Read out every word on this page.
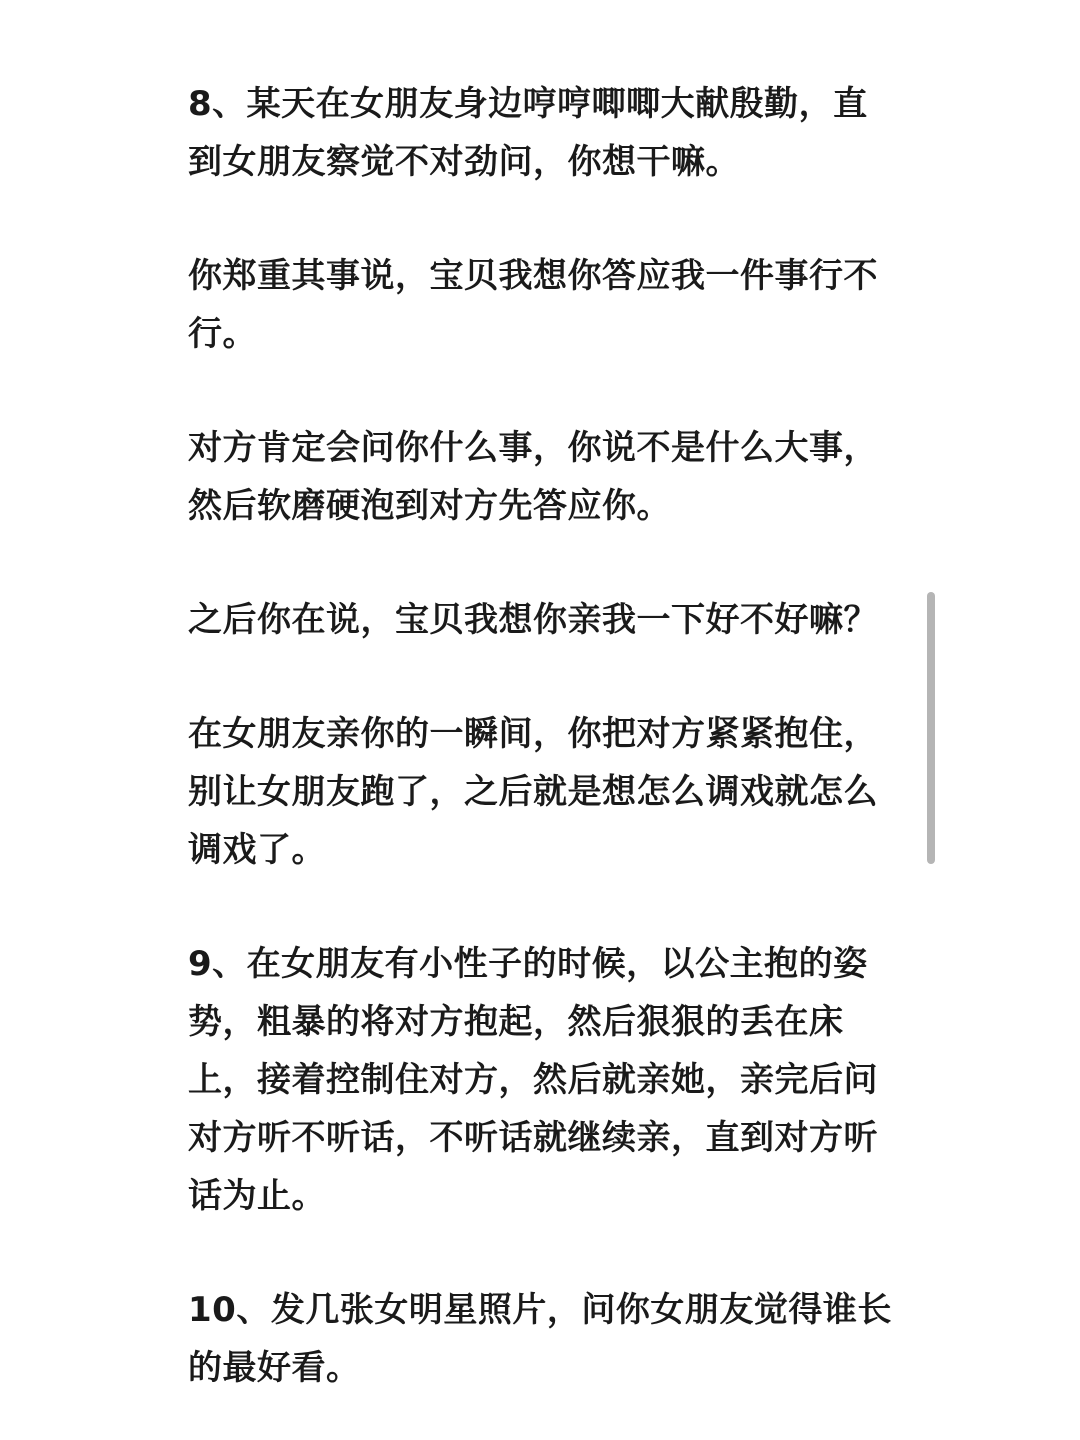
8、某天在女朋友身边哼哼唧唧大献殷勤，直到女朋友察觉不对劲问，你想干嘛。

你郑重其事说，宝贝我想你答应我一件事行不行。

对方肯定会问你什么事，你说不是什么大事，然后软磨硬泡到对方先答应你。

之后你在说，宝贝我想你亲我一下好不好嘛？

在女朋友亲你的一瞬间，你把对方紧紧抱住，别让女朋友跑了，之后就是想怎么调戏就怎么调戏了。

9、在女朋友有小性子的时候，以公主抱的姿势，粗暴的将对方抱起，然后狠狠的丢在床上，接着控制住对方，然后就亲她，亲完后问对方听不听话，不听话就继续亲，直到对方听话为止。

10、发几张女明星照片，问你女朋友觉得谁长的最好看。
